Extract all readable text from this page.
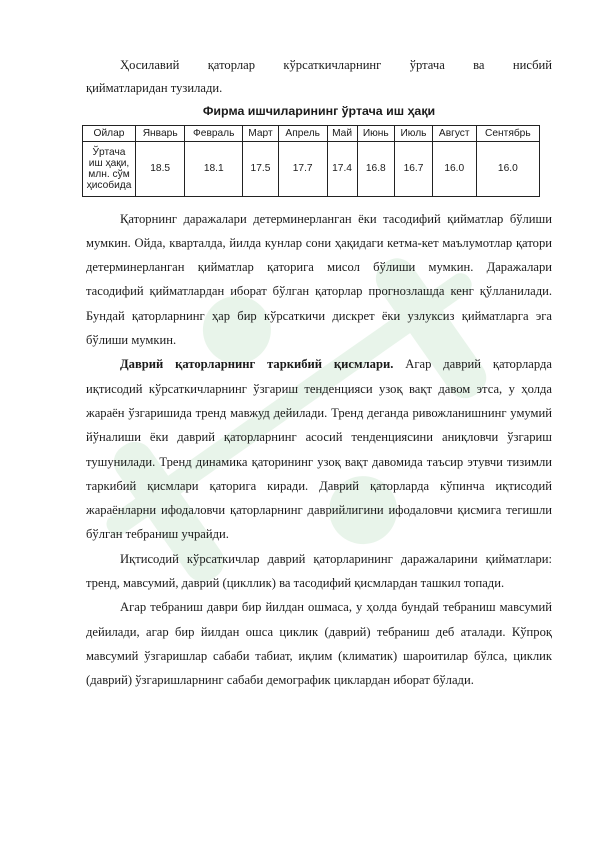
Ҳосилавий қаторлар кўрсаткичларнинг ўртача ва нисбий

қийматларидан тузилади.

Фирма ишчиларининг ўртача иш ҳақи
Ойлар	Январь	Февраль	Март	Апрель	Май	Июнь	Июль	Август	Сентябрь

Ўртача
иш ҳақи,
млн. сўм
ҳисобида	18.5	18.1	17.5	17.7	17.4	16.8	16.7	16.0	16.0

Қаторнинг даражалари детерминерланган ёки тасодифий қийматлар бўлиши мумкин. Ойда, кварталда, йилда кунлар сони ҳақидаги кетма-кет маълумотлар қатори детерминерланган қийматлар қаторига мисол бўлиши мумкин. Даражалари тасодифий қийматлардан иборат бўлган қаторлар прогнозлашда кенг қўлланилади. Бундай қаторларнинг ҳар бир кўрсаткичи дискрет ёки узлуксиз қийматларга эга бўлиши мумкин.

Даврий қаторларнинг таркибий қисмлари. Агар даврий қаторларда иқтисодий кўрсаткичларнинг ўзгариш тенденцияси узоқ вақт давом этса, у ҳолда жараён ўзгаришида тренд мавжуд дейилади. Тренд деганда ривожланишнинг умумий йўналиши ёки даврий қаторларнинг асосий тенденциясини аниқловчи ўзгариш тушунилади. Тренд динамика қаторининг узоқ вақт давомида таъсир этувчи тизимли таркибий қисмлари қаторига киради. Даврий қаторларда кўпинча иқтисодий жараёнларни ифодаловчи қаторларнинг даврийлигини ифодаловчи қисмига тегишли бўлган тебраниш учрайди.

Иқтисодий кўрсаткичлар даврий қаторларининг даражаларини қийматлари: тренд, мавсумий, даврий (цикллик) ва тасодифий қисмлардан ташкил топади.

Агар тебраниш даври бир йилдан ошмаса, у ҳолда бундай тебраниш мавсумий дейилади, агар бир йилдан ошса циклик (даврий) тебраниш деб аталади. Кўпроқ мавсумий ўзгаришлар сабаби табиат, иқлим (климатик) шароитилар бўлса, циклик (даврий) ўзгаришларнинг сабаби демографик циклардан иборат бўлади.
